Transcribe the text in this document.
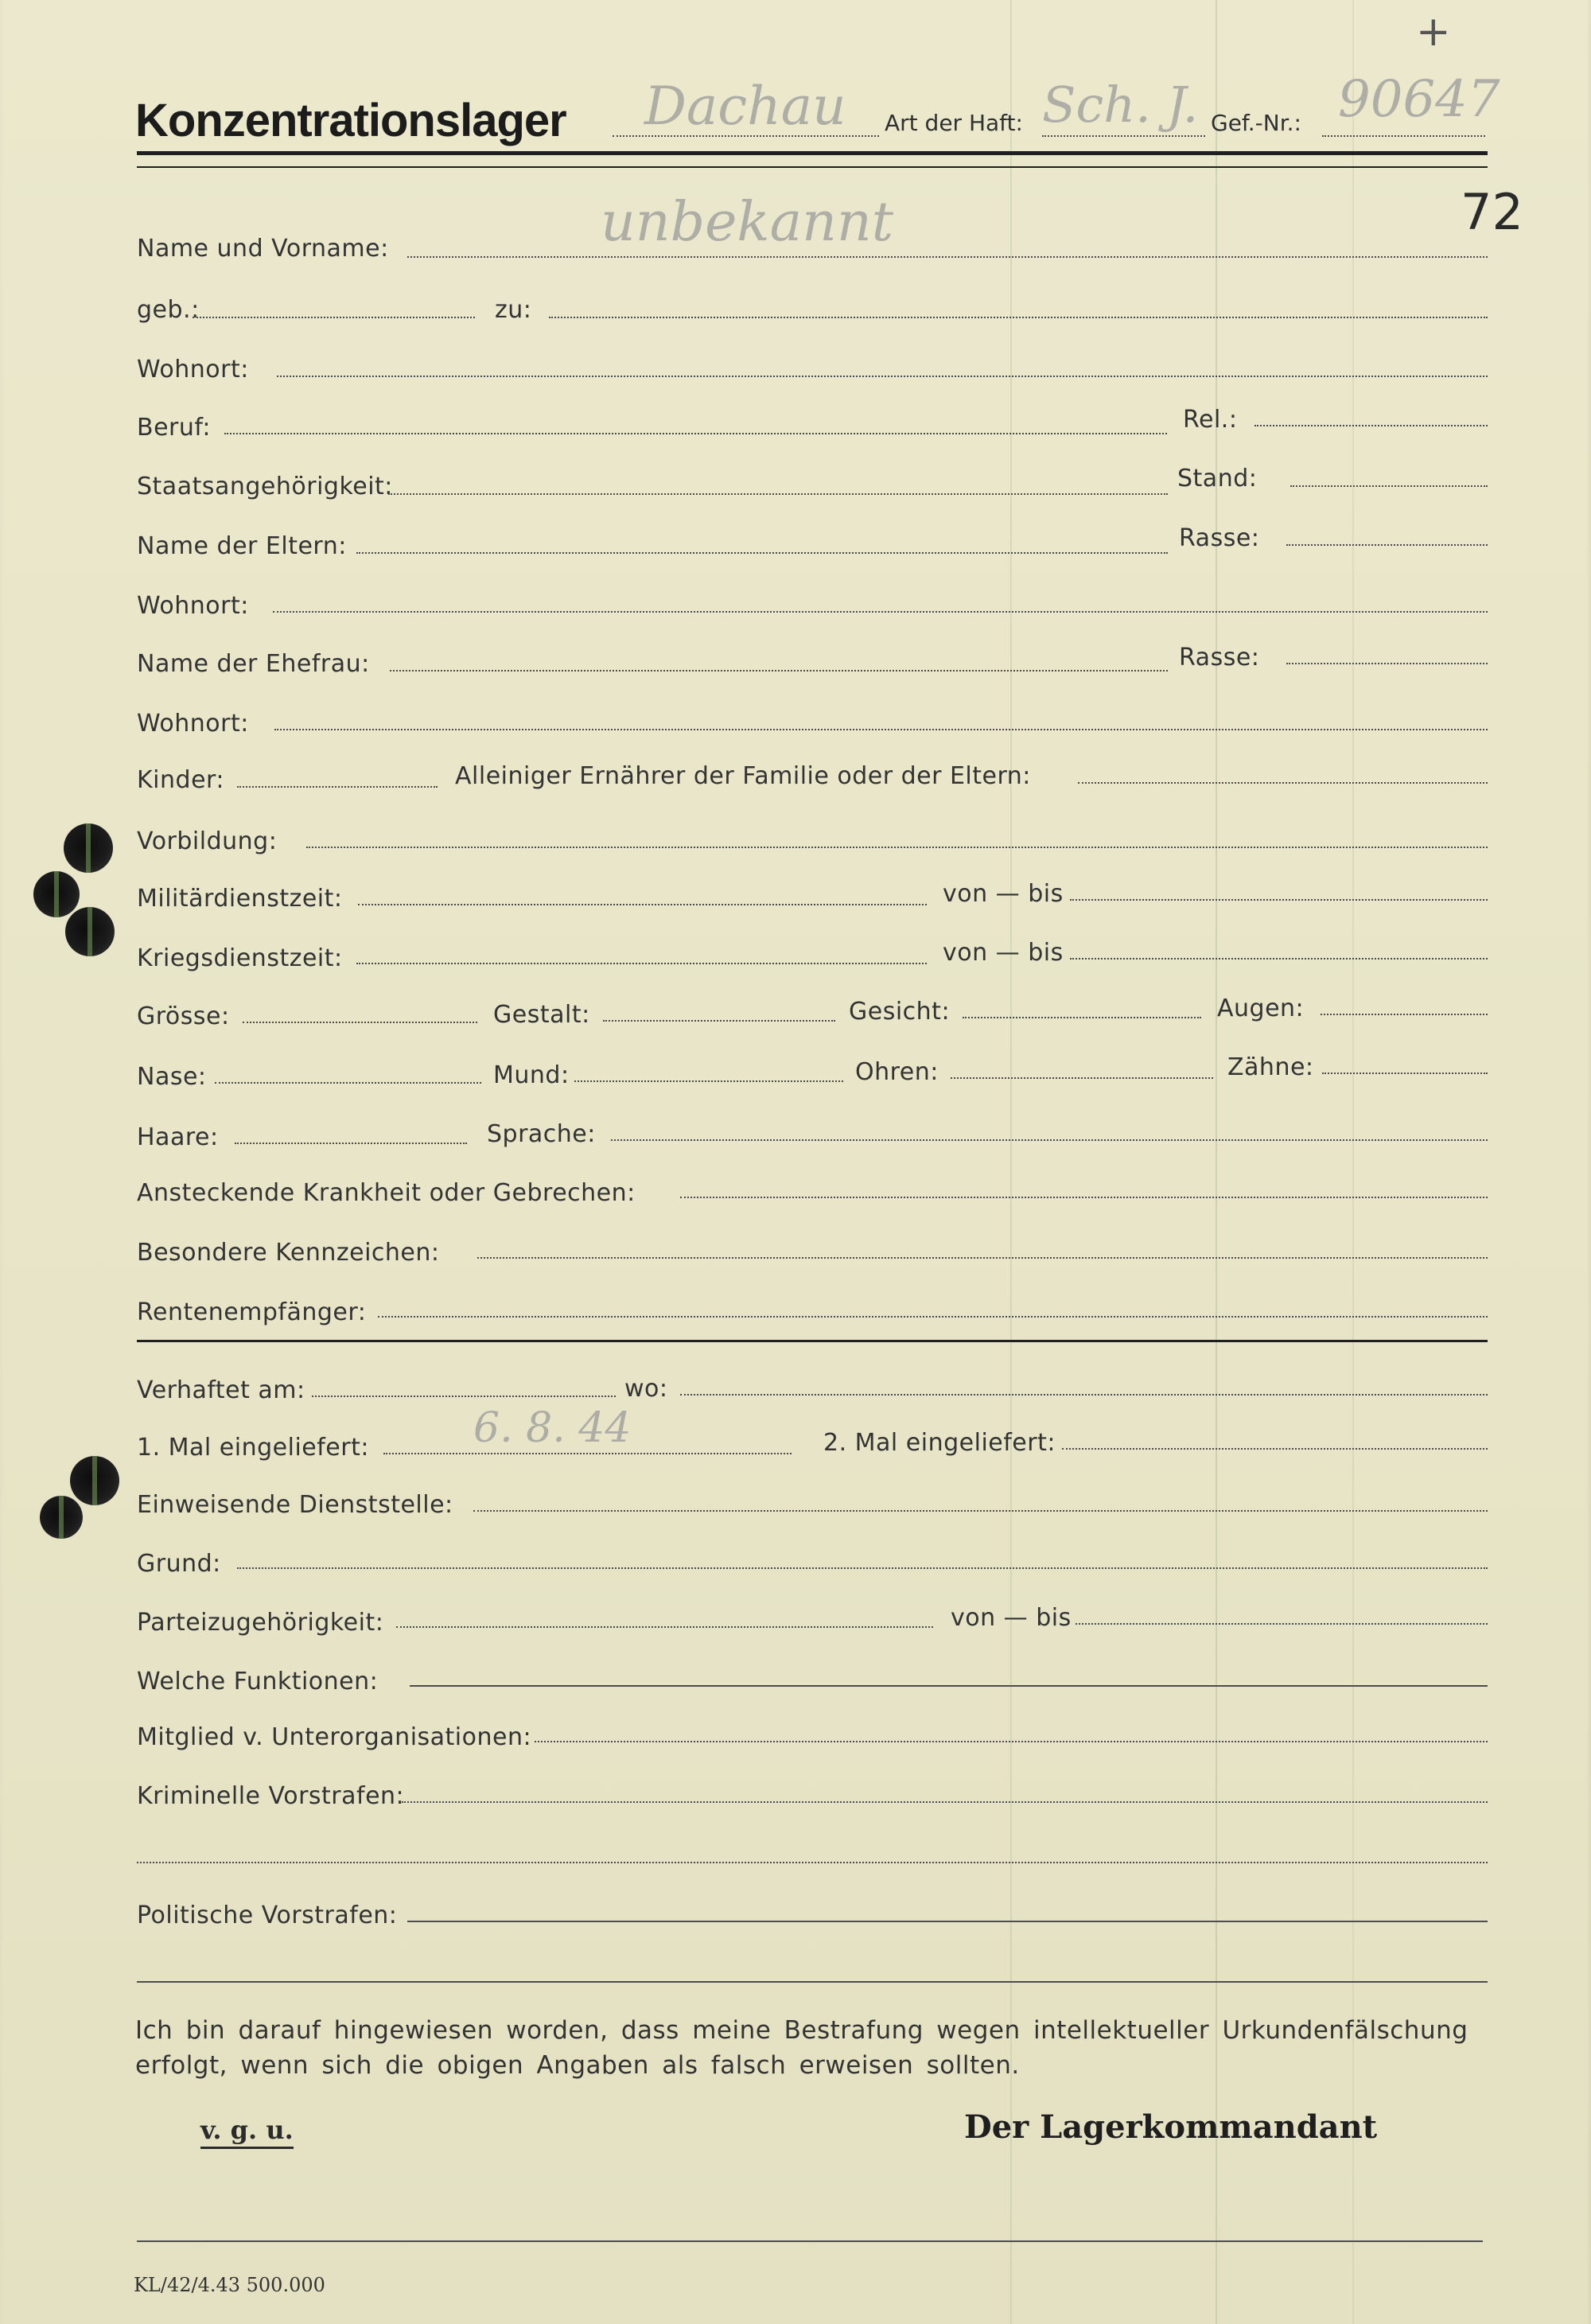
+
Konzentrationslager Dachau Art der Haft: Sch. J. Gef.-Nr.: 90647
72
Name und Vorname:	unbekannt
geb.:	zu:
Wohnort:
Beruf:	Rel.:
Staatsangehörigkeit:	Stand:
Name der Eltern:	Rasse:
Wohnort:
Name der Ehefrau:	Rasse:
Wohnort:
Kinder:	Alleiniger Ernährer der Familie oder der Eltern:
Vorbildung:
Militärdienstzeit:	von — bis
Kriegsdienstzeit:	von — bis
Grösse:	Gestalt:	Gesicht:	Augen:
Nase:	Mund:	Ohren:	Zähne:
Haare:	Sprache:
Ansteckende Krankheit oder Gebrechen:
Besondere Kennzeichen:
Rentenempfänger:
Verhaftet am:	wo:
1. Mal eingeliefert:	6. 8. 44	2. Mal eingeliefert:
Einweisende Dienststelle:
Grund:
Parteizugehörigkeit:	von — bis
Welche Funktionen:
Mitglied v. Unterorganisationen:
Kriminelle Vorstrafen:
Politische Vorstrafen:
Ich bin darauf hingewiesen worden, dass meine Bestrafung wegen intellektueller Urkundenfälschung
erfolgt, wenn sich die obigen Angaben als falsch erweisen sollten.
v. g. u.	Der Lagerkommandant
KL/42/4.43 500.000
